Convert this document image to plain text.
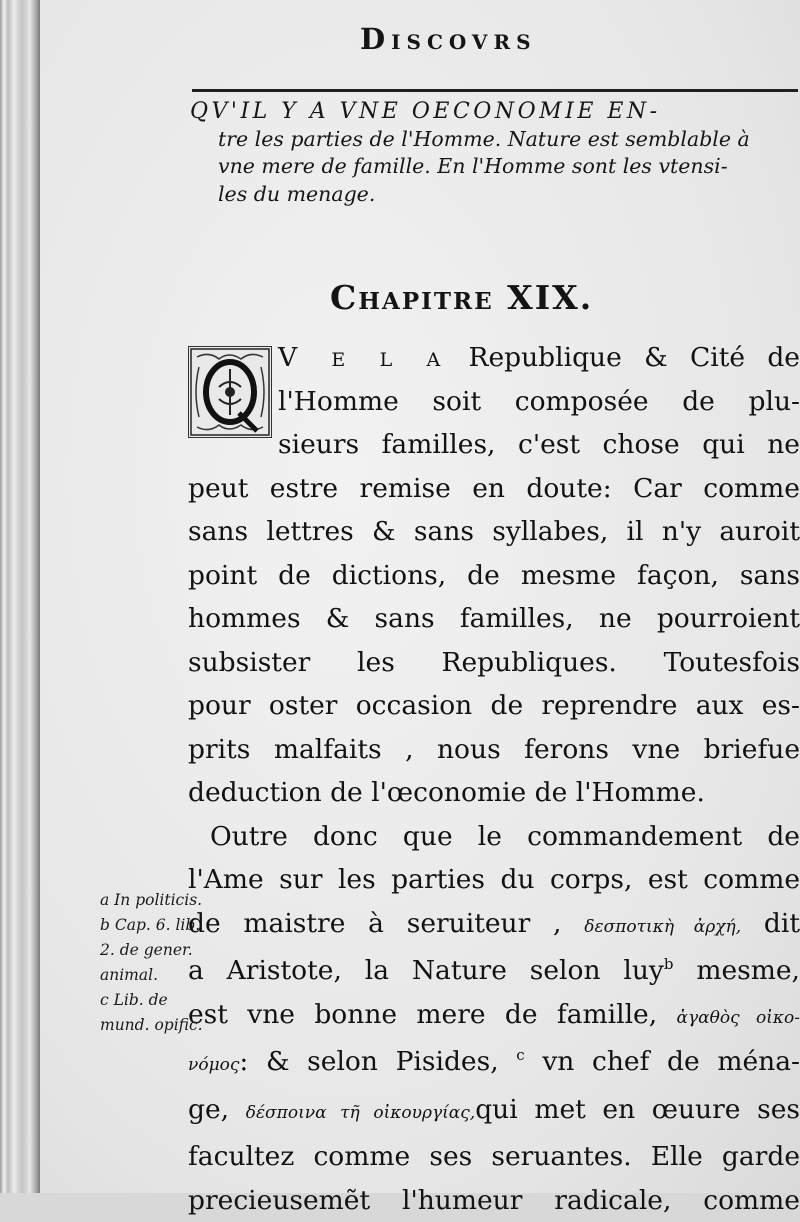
Discovrs
QV'IL Y A VNE OECONOMIE EN-
tre les parties de l'Homme. Nature est semblable à
vne mere de famille. En l'Homme sont les vtensi-
les du menage.
Chapitre XIX.
V e l a Republique & Cité de
l'Homme soit composée de plu-
sieurs familles, c'est chose qui ne
peut estre remise en doute: Car comme
sans lettres & sans syllabes, il n'y auroit
point de dictions, de mesme façon, sans
hommes & sans familles, ne pourroient
subsister les Republiques. Toutesfois
pour oster occasion de reprendre aux es-
prits malfaits , nous ferons vne briefue
deduction de l'œconomie de l'Homme.
Outre donc que le commandement de
l'Ame sur les parties du corps, est comme
de maistre à seruiteur , δεσποτικὴ ἀρχή, dit
a Aristote, la Nature selon luy$^b$ mesme,
est vne bonne mere de famille, ἀγαθὸς οἰκο-
νόμος: & selon Pisides, $^c$ vn chef de ména-
ge, δέσποινα τῆ οἰκουργίας,qui met en œuure ses
facultez comme ses seruantes. Elle garde
precieusemẽt l'humeur radicale, comme
a In politicis.
b Cap. 6. lib.
2. de gener.
animal.
c Lib. de
mund. opific.
